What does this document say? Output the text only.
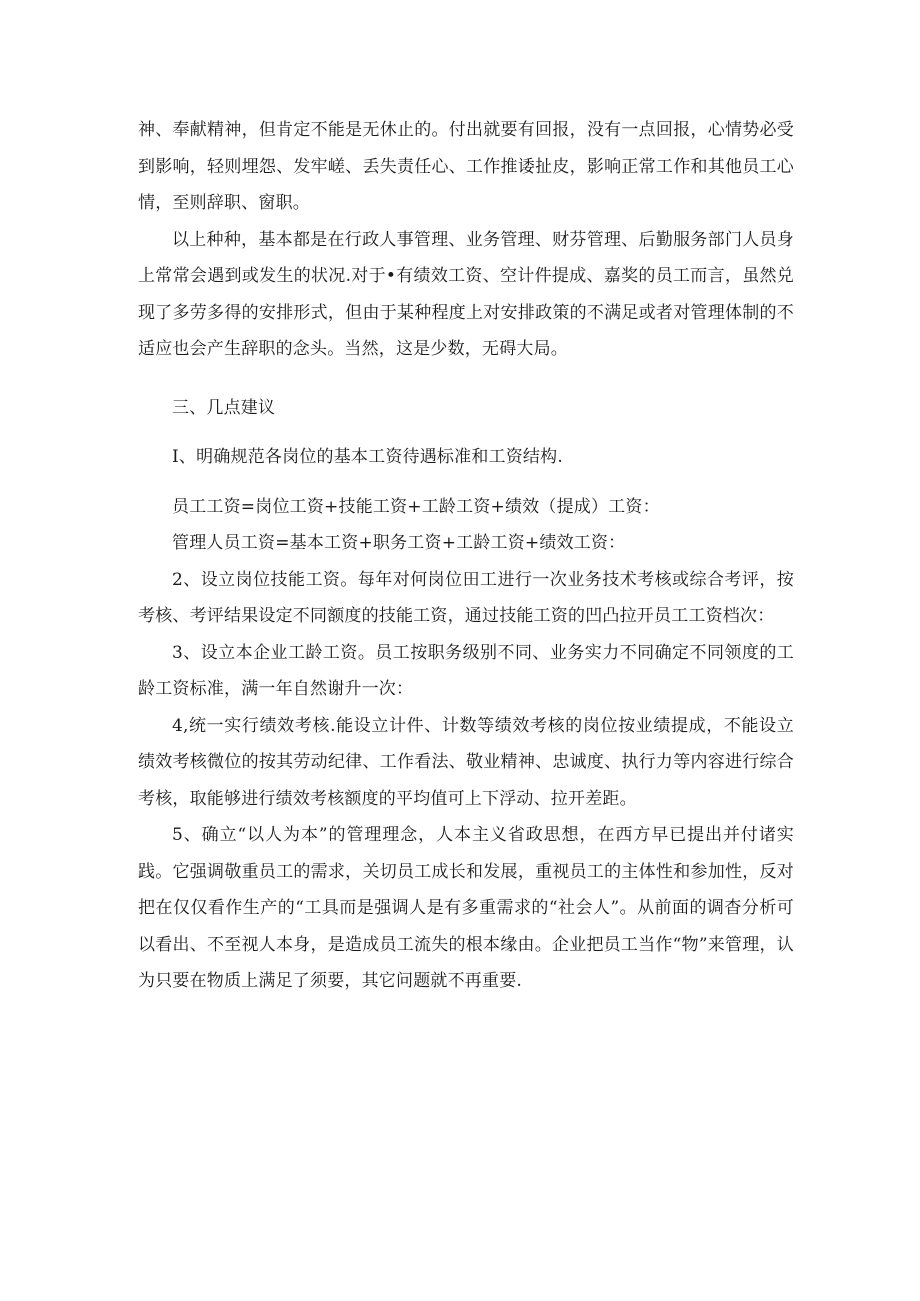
神、奉献精神，但肯定不能是无休止的。付出就要有回报，没有一点回报，心情势必受到影响，轻则埋怨、发牢嵯、丢失责任心、工作推诿扯皮，影响正常工作和其他员工心情，至则辞职、窗职。

以上种种，基本都是在行政人事管理、业务管理、财芬管理、后勤服务部门人员身上常常会遇到或发生的状况.对于•有绩效工资、空计件提成、嘉奖的员工而言，虽然兑现了多劳多得的安排形式，但由于某种程度上对安排政策的不满足或者对管理体制的不适应也会产生辞职的念头。当然，这是少数，无碍大局。

三、几点建议

I、明确规范各岗位的基本工资待遇标准和工资结构.

员工工资=岗位工资+技能工资+工龄工资+绩效（提成）工资：

管理人员工资=基本工资+职务工资+工龄工资+绩效工资：

2、设立岗位技能工资。每年对何岗位田工进行一次业务技术考核或综合考评，按考核、考评结果设定不同额度的技能工资，通过技能工资的凹凸拉开员工工资档次：

3、设立本企业工龄工资。员工按职务级别不同、业务实力不同确定不同领度的工龄工资标准，满一年自然谢升一次：

4,统一实行绩效考核.能设立计件、计数等绩效考核的岗位按业绩提成，不能设立绩效考核微位的按其劳动纪律、工作看法、敬业精神、忠诚度、执行力等内容进行综合考核，取能够进行绩效考核额度的平均值可上下浮动、拉开差距。

5、确立“以人为本”的管理理念，人本主义省政思想，在西方早已提出并付诸实践。它强调敬重员工的需求，关切员工成长和发展，重视员工的主体性和参加性，反对把在仅仅看作生产的“工具而是强调人是有多重需求的“社会人”。从前面的调杳分析可以看出、不至视人本身，是造成员工流失的根本缘由。企业把员工当作“物”来管理，认为只要在物质上满足了须要，其它问题就不再重要.
